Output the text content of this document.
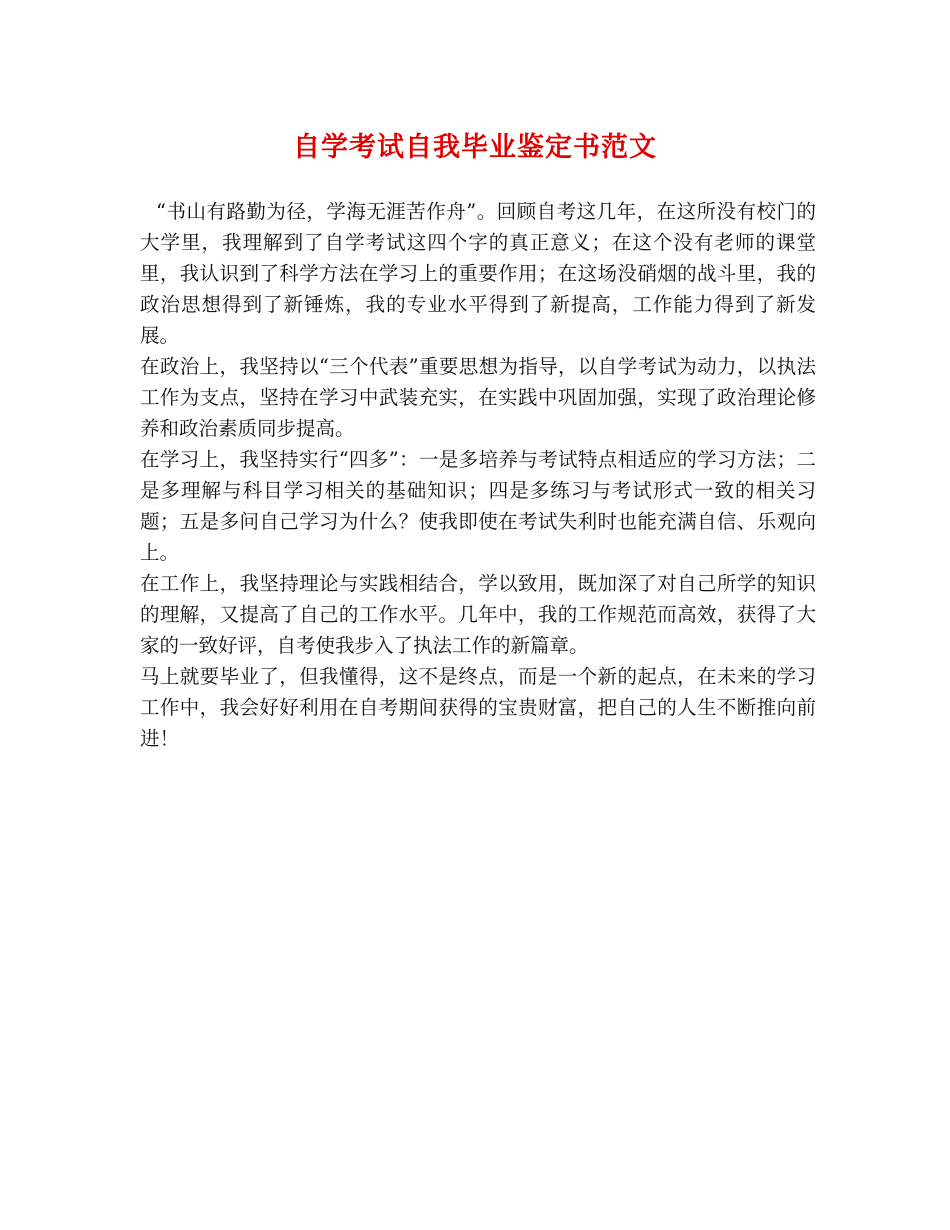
自学考试自我毕业鉴定书范文

“书山有路勤为径，学海无涯苦作舟”。回顾自考这几年，在这所没有校门的大学里，我理解到了自学考试这四个字的真正意义；在这个没有老师的课堂里，我认识到了科学方法在学习上的重要作用；在这场没硝烟的战斗里，我的政治思想得到了新锤炼，我的专业水平得到了新提高，工作能力得到了新发展。

在政治上，我坚持以“三个代表”重要思想为指导，以自学考试为动力，以执法工作为支点，坚持在学习中武装充实，在实践中巩固加强，实现了政治理论修养和政治素质同步提高。

在学习上，我坚持实行“四多”：一是多培养与考试特点相适应的学习方法；二是多理解与科目学习相关的基础知识；四是多练习与考试形式一致的相关习题；五是多问自己学习为什么？使我即使在考试失利时也能充满自信、乐观向上。

在工作上，我坚持理论与实践相结合，学以致用，既加深了对自己所学的知识的理解，又提高了自己的工作水平。几年中，我的工作规范而高效，获得了大家的一致好评，自考使我步入了执法工作的新篇章。

马上就要毕业了，但我懂得，这不是终点，而是一个新的起点，在未来的学习工作中，我会好好利用在自考期间获得的宝贵财富，把自己的人生不断推向前进！
